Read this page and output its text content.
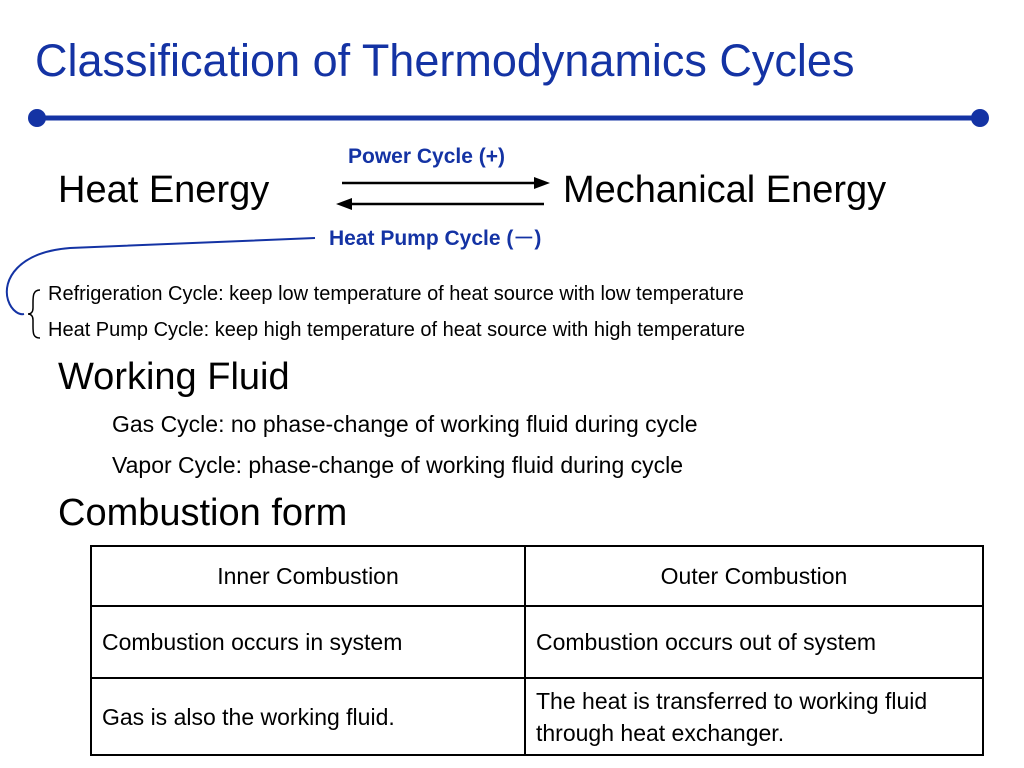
Classification of Thermodynamics Cycles
Power Cycle (+)
Heat Energy	Mechanical Energy
Heat Pump Cycle (－)
Refrigeration Cycle: keep low temperature of heat source with low temperature
Heat Pump Cycle: keep high temperature of heat source with high temperature
Working Fluid
Gas Cycle: no phase-change of working fluid during cycle
Vapor Cycle: phase-change of working fluid during cycle
Combustion form
Inner Combustion	Outer Combustion
Combustion occurs in system	Combustion occurs out of system
Gas is also the working fluid.	The heat is transferred to working fluid through heat exchanger.
